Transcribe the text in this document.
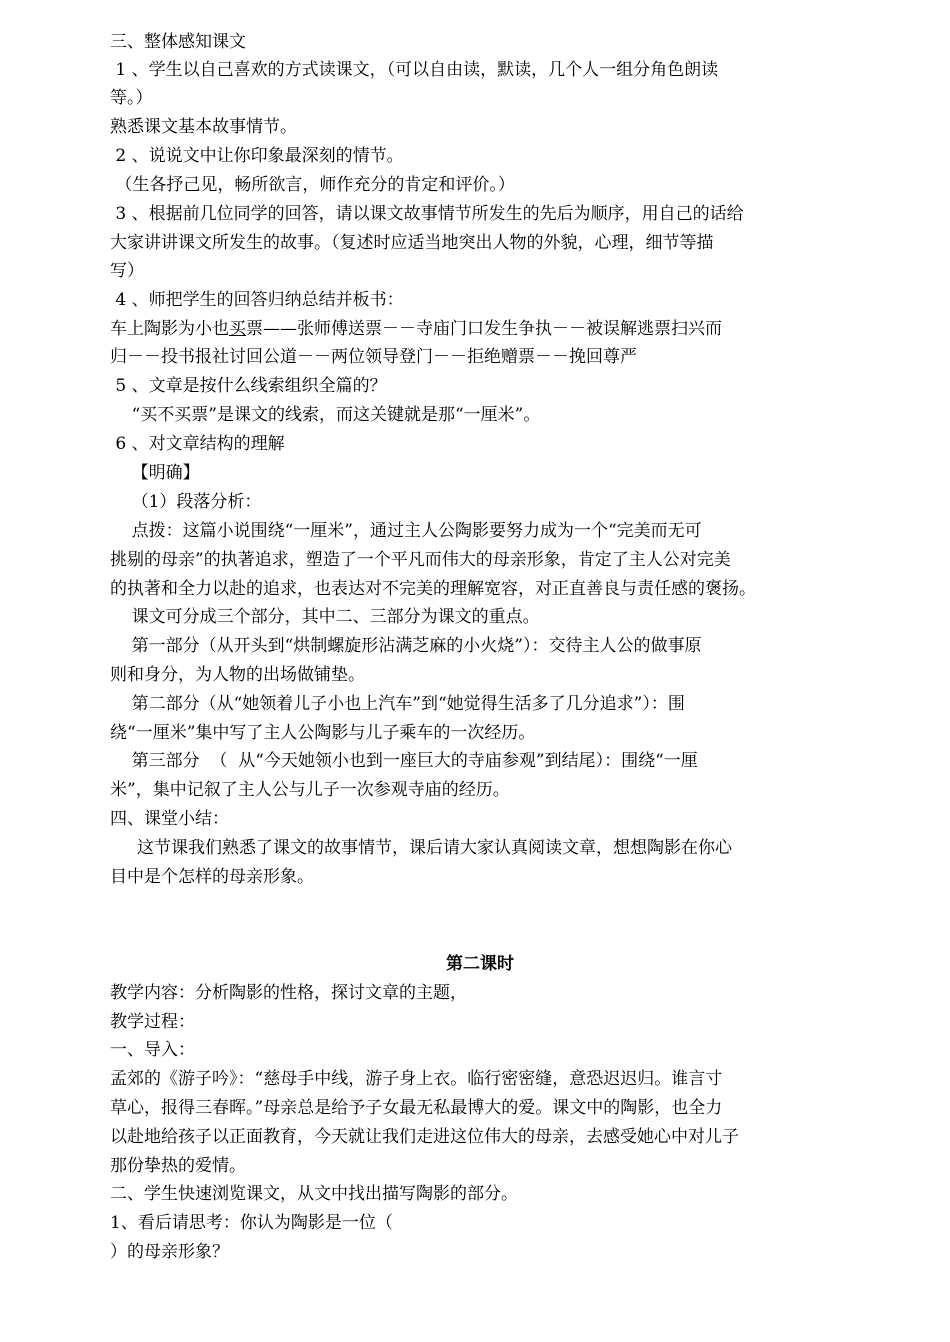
三、整体感知课文
1 、学生以自己喜欢的方式读课文，（可以自由读，默读，几个人一组分角色朗读
等。）
熟悉课文基本故事情节。
2 、说说文中让你印象最深刻的情节。
（生各抒己见，畅所欲言，师作充分的肯定和评价。）
3 、根据前几位同学的回答，请以课文故事情节所发生的先后为顺序，用自己的话给
大家讲讲课文所发生的故事。（复述时应适当地突出人物的外貌，心理，细节等描
写）
4 、师把学生的回答归纳总结并板书：
车上陶影为小也买票——张师傅送票－－寺庙门口发生争执－－被误解逃票扫兴而
归－－投书报社讨回公道－－两位领导登门－－拒绝赠票－－挽回尊严
5 、文章是按什么线索组织全篇的？
“买不买票”是课文的线索，而这关键就是那“一厘米”。
6 、对文章结构的理解
【明确】
（1）段落分析：
点拨：这篇小说围绕“一厘米”，通过主人公陶影要努力成为一个“完美而无可
挑剔的母亲”的执著追求，塑造了一个平凡而伟大的母亲形象，肯定了主人公对完美
的执著和全力以赴的追求，也表达对不完美的理解宽容，对正直善良与责任感的褒扬。
课文可分成三个部分，其中二、三部分为课文的重点。
第一部分（从开头到“烘制螺旋形沾满芝麻的小火烧”）：交待主人公的做事原
则和身分，为人物的出场做铺垫。
第二部分（从“她领着儿子小也上汽车”到“她觉得生活多了几分追求”）：围
绕“一厘米”集中写了主人公陶影与儿子乘车的一次经历。
第三部分  （  从“今天她领小也到一座巨大的寺庙参观”到结尾）：围绕“一厘
米”，集中记叙了主人公与儿子一次参观寺庙的经历。
四、课堂小结：
这节课我们熟悉了课文的故事情节，课后请大家认真阅读文章，想想陶影在你心
目中是个怎样的母亲形象。
第二课时
教学内容：分析陶影的性格，探讨文章的主题，
教学过程：
一、导入：
孟郊的《游子吟》：“慈母手中线，游子身上衣。临行密密缝，意恐迟迟归。谁言寸
草心，报得三春晖。”母亲总是给予子女最无私最博大的爱。课文中的陶影，也全力
以赴地给孩子以正面教育，今天就让我们走进这位伟大的母亲，去感受她心中对儿子
那份挚热的爱情。
二、学生快速浏览课文，从文中找出描写陶影的部分。
1、看后请思考：你认为陶影是一位（
）的母亲形象？
